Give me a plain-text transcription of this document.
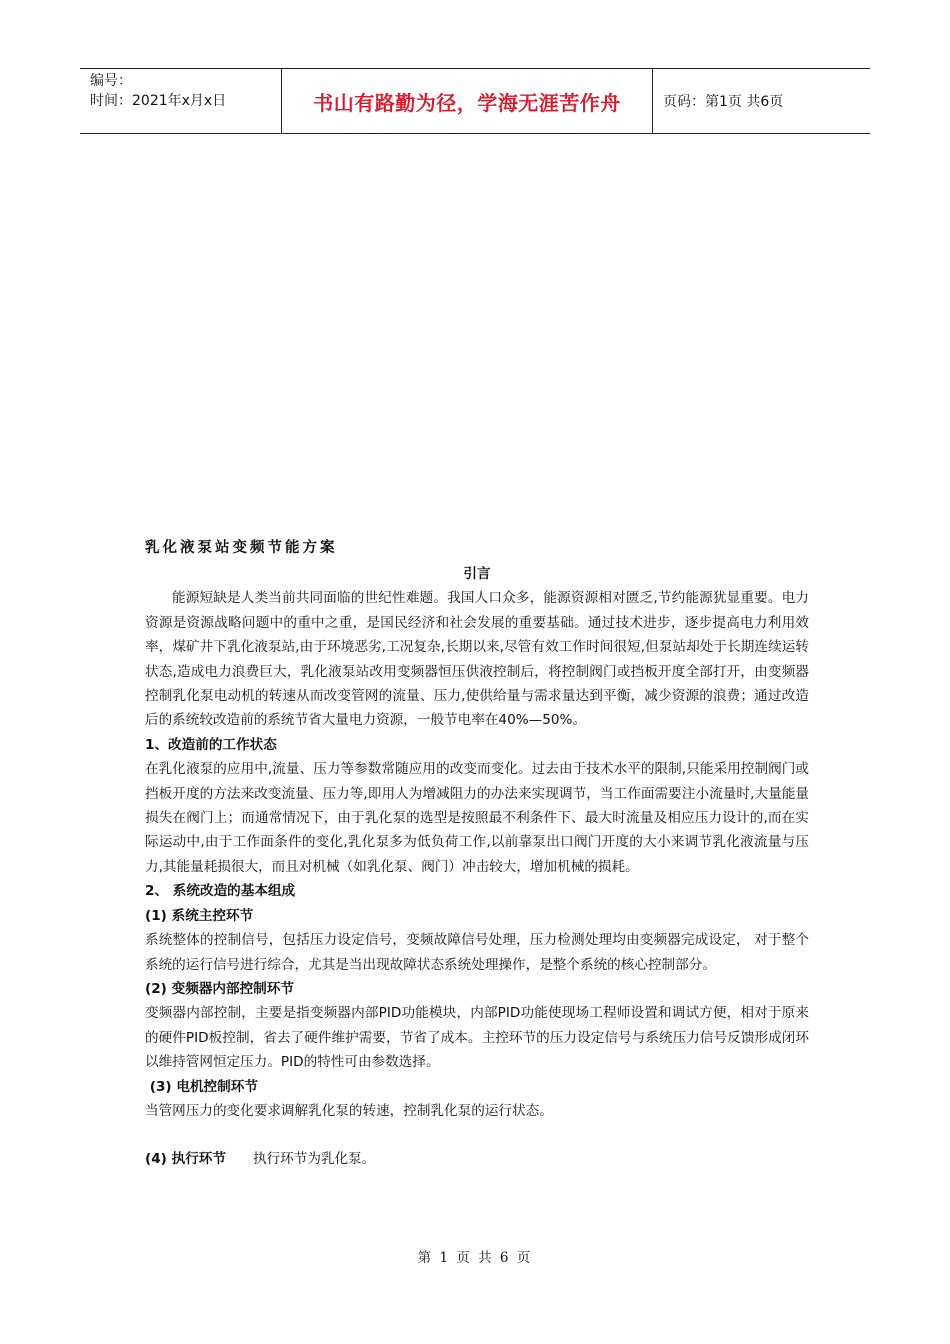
编号：
时间：2021年x月x日	书山有路勤为径，学海无涯苦作舟	页码：第1页 共6页
乳化液泵站变频节能方案
引言

能源短缺是人类当前共同面临的世纪性难题。我国人口众多，能源资源相对匮乏,节约能源犹显重要。电力资源是资源战略问题中的重中之重，是国民经济和社会发展的重要基础。通过技术进步，逐步提高电力利用效率，煤矿井下乳化液泵站,由于环境恶劣,工况复杂,长期以来,尽管有效工作时间很短,但泵站却处于长期连续运转状态,造成电力浪费巨大，乳化液泵站改用变频器恒压供液控制后，将控制阀门或挡板开度全部打开，由变频器控制乳化泵电动机的转速从而改变管网的流量、压力,使供给量与需求量达到平衡，减少资源的浪费；通过改造后的系统较改造前的系统节省大量电力资源，一般节电率在40%—50%。

1、改造前的工作状态

在乳化液泵的应用中,流量、压力等参数常随应用的改变而变化。过去由于技术水平的限制,只能采用控制阀门或挡板开度的方法来改变流量、压力等,即用人为增减阻力的办法来实现调节，当工作面需要注小流量时,大量能量损失在阀门上；而通常情况下，由于乳化泵的选型是按照最不利条件下、最大时流量及相应压力设计的,而在实际运动中,由于工作面条件的变化,乳化泵多为低负荷工作,以前靠泵出口阀门开度的大小来调节乳化液流量与压力,其能量耗损很大，而且对机械（如乳化泵、阀门）冲击较大，增加机械的损耗。

2、 系统改造的基本组成
(1) 系统主控环节

系统整体的控制信号，包括压力设定信号，变频故障信号处理，压力检测处理均由变频器完成设定， 对于整个系统的运行信号进行综合，尤其是当出现故障状态系统处理操作，是整个系统的核心控制部分。

(2) 变频器内部控制环节

变频器内部控制，主要是指变频器内部PID功能模块，内部PID功能使现场工程师设置和调试方便，相对于原来的硬件PID板控制，省去了硬件维护需要，节省了成本。主控环节的压力设定信号与系统压力信号反馈形成闭环以维持管网恒定压力。PID的特性可由参数选择。

(3) 电机控制环节

当管网压力的变化要求调解乳化泵的转速，控制乳化泵的运行状态。

(4) 执行环节	执行环节为乳化泵。
第 1 页 共 6 页
